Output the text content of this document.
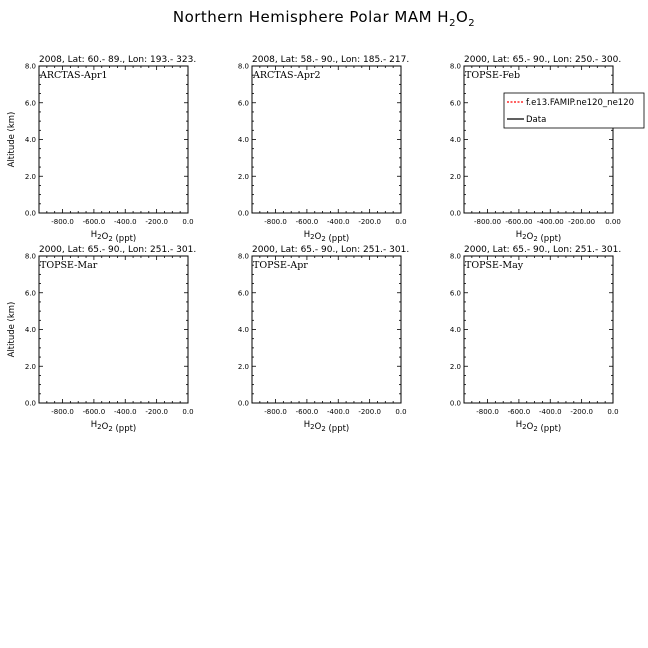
Northern Hemisphere Polar MAM $H_2O_2$
2008, Lat: 60.- 89., Lon: 193.- 323.
0.0
2.0
4.0
6.0
8.0
-800.0 -600.0 -400.0 -200.0 0.0
$H_2O_2$ (ppt)
Altitude (km)
ARCTAS-Apr1
2008, Lat: 58.- 90., Lon: 185.- 217.
0.0
2.0
4.0
6.0
8.0
-800.0 -600.0 -400.0 -200.0 0.0
$H_2O_2$ (ppt)
ARCTAS-Apr2
2000, Lat: 65.- 90., Lon: 250.- 300.
0.0
2.0
4.0
6.0
8.0
-800.00 -600.00 -400.00 -200.00 0.00
$H_2O_2$ (ppt)
TOPSE-Feb
f.e13.FAMIP.ne120_ne120
Data
2000, Lat: 65.- 90., Lon: 251.- 301.
0.0
2.0
4.0
6.0
8.0
-800.0 -600.0 -400.0 -200.0 0.0
$H_2O_2$ (ppt)
Altitude (km)
TOPSE-Mar
2000, Lat: 65.- 90., Lon: 251.- 301.
0.0
2.0
4.0
6.0
8.0
-800.0 -600.0 -400.0 -200.0 0.0
$H_2O_2$ (ppt)
TOPSE-Apr
2000, Lat: 65.- 90., Lon: 251.- 301.
0.0
2.0
4.0
6.0
8.0
-800.0 -600.0 -400.0 -200.0 0.0
$H_2O_2$ (ppt)
TOPSE-May
